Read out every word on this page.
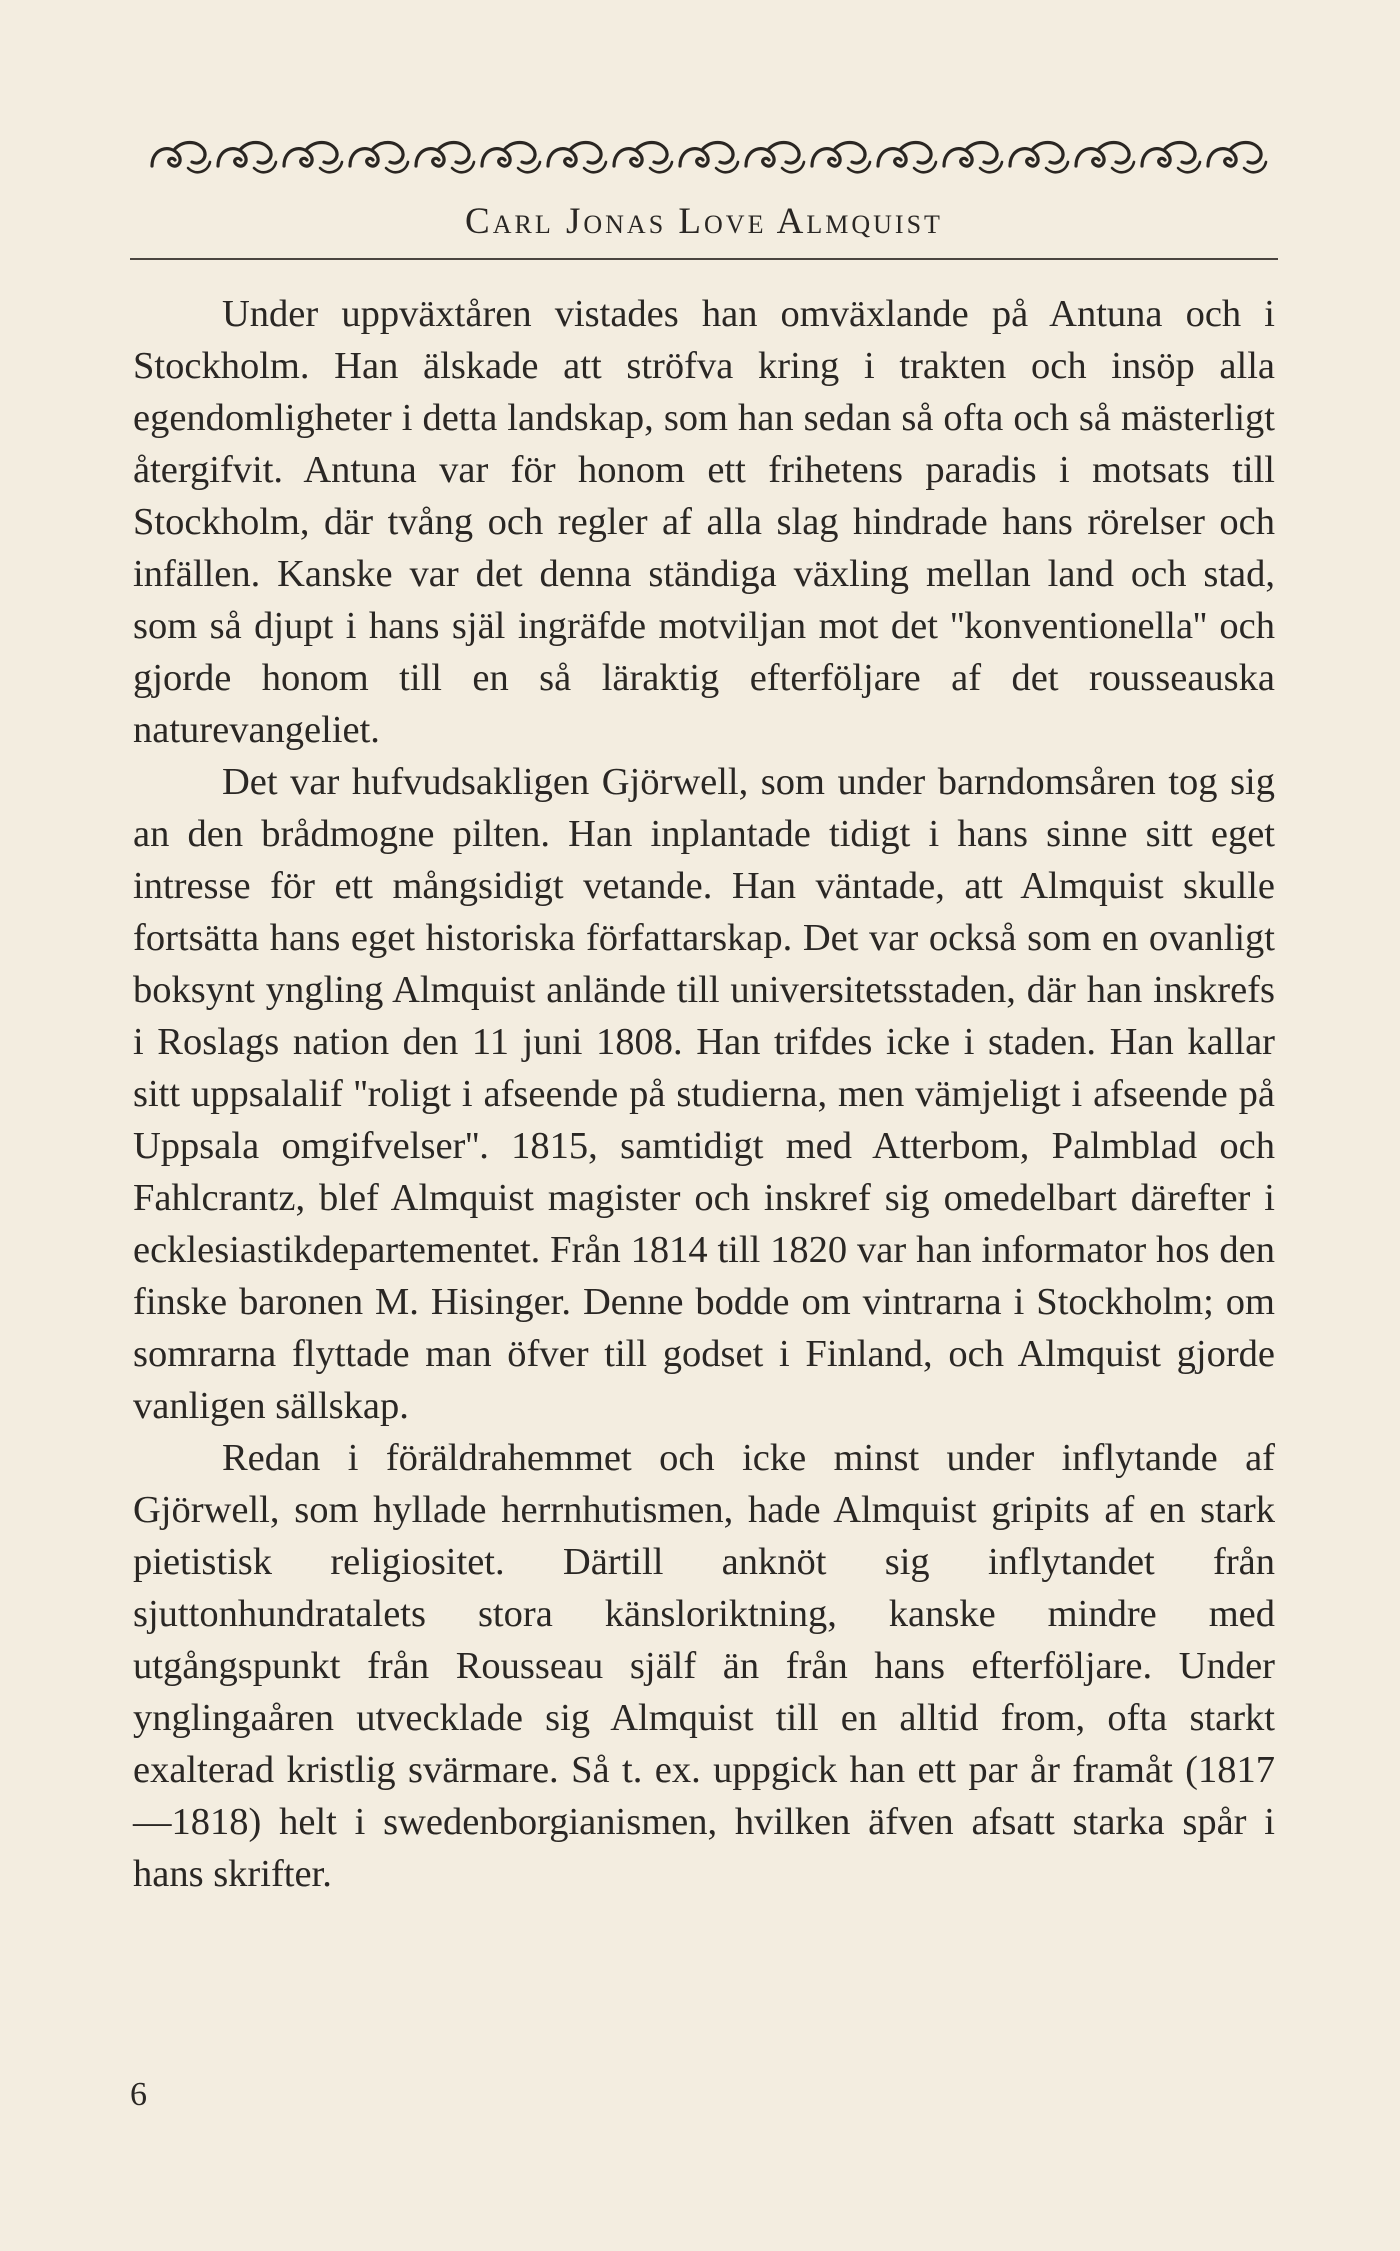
Carl Jonas Love Almquist

Under uppväxtåren vistades han omväxlande på Antuna och i Stockholm. Han älskade att ströfva kring i trakten och insöp alla egendomligheter i detta landskap, som han sedan så ofta och så mästerligt återgifvit. Antuna var för honom ett frihetens paradis i motsats till Stockholm, där tvång och regler af alla slag hindrade hans rörelser och infällen. Kanske var det denna ständiga växling mellan land och stad, som så djupt i hans själ ingräfde motviljan mot det ''konventionella'' och gjorde honom till en så läraktig efterföljare af det rousseauska naturevangeliet.

Det var hufvudsakligen Gjörwell, som under barndomsåren tog sig an den brådmogne pilten. Han inplantade tidigt i hans sinne sitt eget intresse för ett mångsidigt vetande. Han väntade, att Almquist skulle fortsätta hans eget historiska författarskap. Det var också som en ovanligt boksynt yngling Almquist anlände till universitetsstaden, där han inskrefs i Roslags nation den 11 juni 1808. Han trifdes icke i staden. Han kallar sitt uppsalalif ''roligt i afseende på studierna, men vämjeligt i afseende på Uppsala omgifvelser''. 1815, samtidigt med Atterbom, Palmblad och Fahlcrantz, blef Almquist magister och inskref sig omedelbart därefter i ecklesiastikdepartementet. Från 1814 till 1820 var han informator hos den finske baronen M. Hisinger. Denne bodde om vintrarna i Stockholm; om somrarna flyttade man öfver till godset i Finland, och Almquist gjorde vanligen sällskap.

Redan i föräldrahemmet och icke minst under inflytande af Gjörwell, som hyllade herrnhutismen, hade Almquist gripits af en stark pietistisk religiositet. Därtill anknöt sig inflytandet från sjuttonhundratalets stora känsloriktning, kanske mindre med utgångspunkt från Rousseau själf än från hans efterföljare. Under ynglingaåren utvecklade sig Almquist till en alltid from, ofta starkt exalterad kristlig svärmare. Så t. ex. uppgick han ett par år framåt (1817—1818) helt i swedenborgianismen, hvilken äfven afsatt starka spår i hans skrifter.

6
